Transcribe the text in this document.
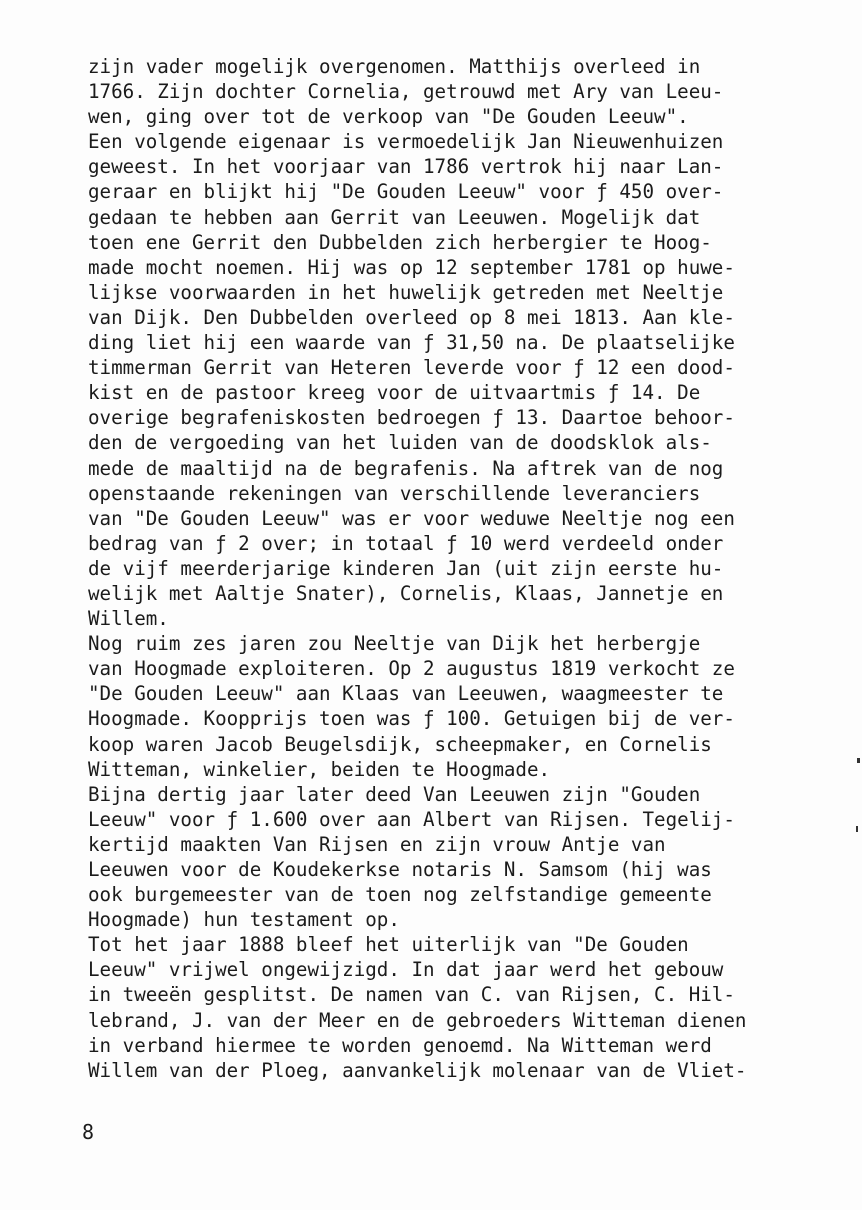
zijn vader mogelijk overgenomen. Matthijs overleed in
1766. Zijn dochter Cornelia, getrouwd met Ary van Leeu-
wen, ging over tot de verkoop van "De Gouden Leeuw".
Een volgende eigenaar is vermoedelijk Jan Nieuwenhuizen
geweest. In het voorjaar van 1786 vertrok hij naar Lan-
geraar en blijkt hij "De Gouden Leeuw" voor ƒ 450 over-
gedaan te hebben aan Gerrit van Leeuwen. Mogelijk dat
toen ene Gerrit den Dubbelden zich herbergier te Hoog-
made mocht noemen. Hij was op 12 september 1781 op huwe-
lijkse voorwaarden in het huwelijk getreden met Neeltje
van Dijk. Den Dubbelden overleed op 8 mei 1813. Aan kle-
ding liet hij een waarde van ƒ 31,50 na. De plaatselijke
timmerman Gerrit van Heteren leverde voor ƒ 12 een dood-
kist en de pastoor kreeg voor de uitvaartmis ƒ 14. De
overige begrafeniskosten bedroegen ƒ 13. Daartoe behoor-
den de vergoeding van het luiden van de doodsklok als-
mede de maaltijd na de begrafenis. Na aftrek van de nog
openstaande rekeningen van verschillende leveranciers
van "De Gouden Leeuw" was er voor weduwe Neeltje nog een
bedrag van ƒ 2 over; in totaal ƒ 10 werd verdeeld onder
de vijf meerderjarige kinderen Jan (uit zijn eerste hu-
welijk met Aaltje Snater), Cornelis, Klaas, Jannetje en
Willem.
Nog ruim zes jaren zou Neeltje van Dijk het herbergje
van Hoogmade exploiteren. Op 2 augustus 1819 verkocht ze
"De Gouden Leeuw" aan Klaas van Leeuwen, waagmeester te
Hoogmade. Koopprijs toen was ƒ 100. Getuigen bij de ver-
koop waren Jacob Beugelsdijk, scheepmaker, en Cornelis
Witteman, winkelier, beiden te Hoogmade.
Bijna dertig jaar later deed Van Leeuwen zijn "Gouden
Leeuw" voor ƒ 1.600 over aan Albert van Rijsen. Tegelij-
kertijd maakten Van Rijsen en zijn vrouw Antje van
Leeuwen voor de Koudekerkse notaris N. Samsom (hij was
ook burgemeester van de toen nog zelfstandige gemeente
Hoogmade) hun testament op.
Tot het jaar 1888 bleef het uiterlijk van "De Gouden
Leeuw" vrijwel ongewijzigd. In dat jaar werd het gebouw
in tweeën gesplitst. De namen van C. van Rijsen, C. Hil-
lebrand, J. van der Meer en de gebroeders Witteman dienen
in verband hiermee te worden genoemd. Na Witteman werd
Willem van der Ploeg, aanvankelijk molenaar van de Vliet-
8
